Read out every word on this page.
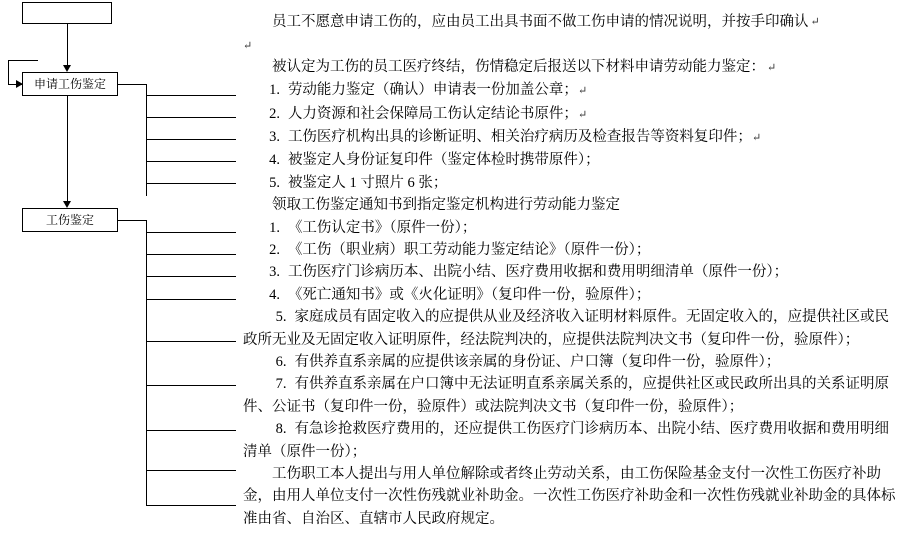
申请工伤鉴定
工伤鉴定

员工不愿意申请工伤的，应由员工出具书面不做工伤申请的情况说明，并按手印确认 ↵

↵

被认定为工伤的员工医疗终结，伤情稳定后报送以下材料申请劳动能力鉴定： ↵

1. 劳动能力鉴定（确认）申请表一份加盖公章；↵
2. 人力资源和社会保障局工伤认定结论书原件；↵
3. 工伤医疗机构出具的诊断证明、相关治疗病历及检查报告等资料复印件；↵
4. 被鉴定人身份证复印件（鉴定体检时携带原件）；
5. 被鉴定人 1 寸照片 6 张；

领取工伤鉴定通知书到指定鉴定机构进行劳动能力鉴定

1. 《工伤认定书》（原件一份）；
2. 《工伤（职业病）职工劳动能力鉴定结论》（原件一份）；
3. 工伤医疗门诊病历本、出院小结、医疗费用收据和费用明细清单（原件一份）；
4. 《死亡通知书》或《火化证明》（复印件一份，验原件）；
5. 家庭成员有固定收入的应提供从业及经济收入证明材料原件。无固定收入的，应提供社区或民政所无业及无固定收入证明原件，经法院判决的，应提供法院判决文书（复印件一份，验原件）；
6. 有供养直系亲属的应提供该亲属的身份证、户口簿（复印件一份，验原件）；
7. 有供养直系亲属在户口簿中无法证明直系亲属关系的，应提供社区或民政所出具的关系证明原件、公证书（复印件一份，验原件）或法院判决文书（复印件一份，验原件）；
8. 有急诊抢救医疗费用的，还应提供工伤医疗门诊病历本、出院小结、医疗费用收据和费用明细清单（原件一份）；

工伤职工本人提出与用人单位解除或者终止劳动关系，由工伤保险基金支付一次性工伤医疗补助金，由用人单位支付一次性伤残就业补助金。一次性工伤医疗补助金和一次性伤残就业补助金的具体标准由省、自治区、直辖市人民政府规定。
